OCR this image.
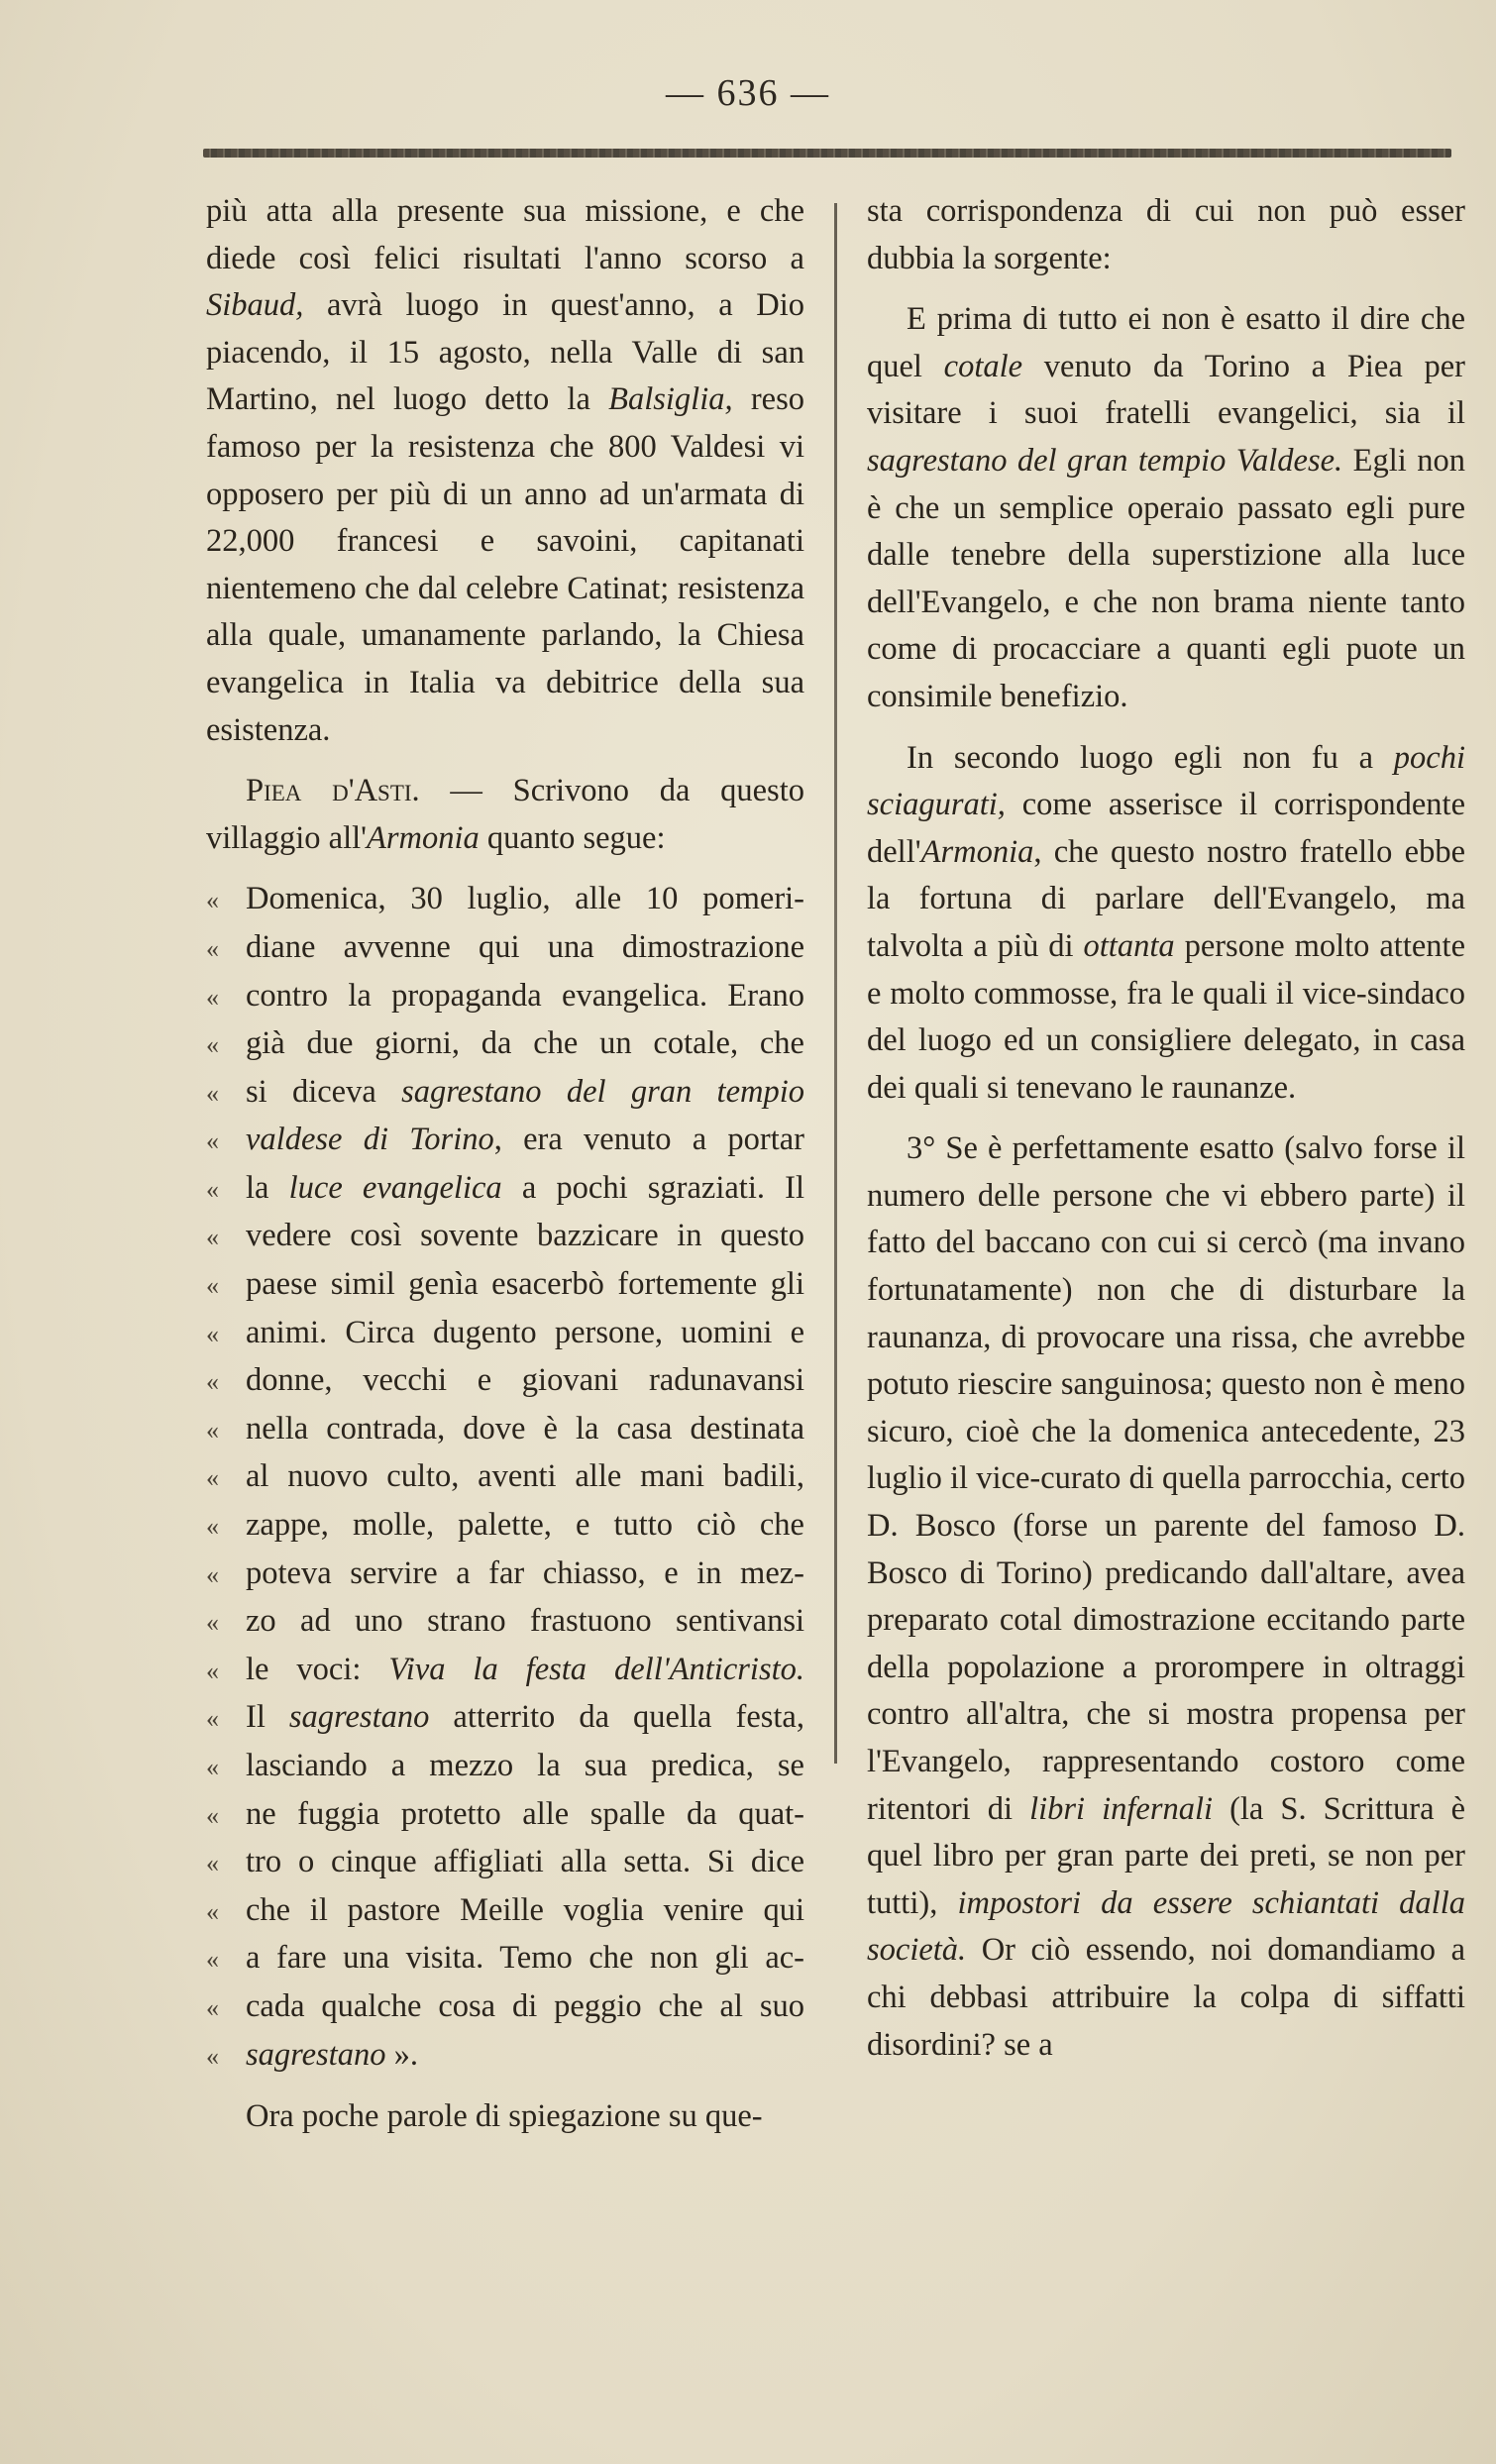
— 636 —

più atta alla presente sua missione, e che diede così felici risultati l'anno scorso a Sibaud, avrà luogo in quest'anno, a Dio piacendo, il 15 agosto, nella Valle di san Martino, nel luogo detto la Balsiglia, reso famoso per la resistenza che 800 Valdesi vi opposero per più di un anno ad un'armata di 22,000 francesi e savoini, capitanati nientemeno che dal celebre Catinat; resistenza alla quale, umanamente parlando, la Chiesa evangelica in Italia va debitrice della sua esistenza.

Piea d'Asti. — Scrivono da questo villaggio all'Armonia quanto segue:

« Domenica, 30 luglio, alle 10 pomeri-
« diane avvenne qui una dimostrazione
« contro la propaganda evangelica. Erano
« già due giorni, da che un cotale, che
« si diceva sagrestano del gran tempio
« valdese di Torino, era venuto a portar
« la luce evangelica a pochi sgraziati. Il
« vedere così sovente bazzicare in questo
« paese simil genìa esacerbò fortemente gli
« animi. Circa dugento persone, uomini e
« donne, vecchi e giovani radunavansi
« nella contrada, dove è la casa destinata
« al nuovo culto, aventi alle mani badili,
« zappe, molle, palette, e tutto ciò che
« poteva servire a far chiasso, e in mez-
« zo ad uno strano frastuono sentivansi
« le voci: Viva la festa dell'Anticristo.
« Il sagrestano atterrito da quella festa,
« lasciando a mezzo la sua predica, se
« ne fuggia protetto alle spalle da quat-
« tro o cinque affigliati alla setta. Si dice
« che il pastore Meille voglia venire qui
« a fare una visita. Temo che non gli ac-
« cada qualche cosa di peggio che al suo
« sagrestano ».

Ora poche parole di spiegazione su que-

sta corrispondenza di cui non può esser dubbia la sorgente:

E prima di tutto ei non è esatto il dire che quel cotale venuto da Torino a Piea per visitare i suoi fratelli evangelici, sia il sagrestano del gran tempio Valdese. Egli non è che un semplice operaio passato egli pure dalle tenebre della superstizione alla luce dell'Evangelo, e che non brama niente tanto come di procacciare a quanti egli puote un consimile benefizio.

In secondo luogo egli non fu a pochi sciagurati, come asserisce il corrispondente dell'Armonia, che questo nostro fratello ebbe la fortuna di parlare dell'Evangelo, ma talvolta a più di ottanta persone molto attente e molto commosse, fra le quali il vice-sindaco del luogo ed un consigliere delegato, in casa dei quali si tenevano le raunanze.

3° Se è perfettamente esatto (salvo forse il numero delle persone che vi ebbero parte) il fatto del baccano con cui si cercò (ma invano fortunatamente) non che di disturbare la raunanza, di provocare una rissa, che avrebbe potuto riescire sanguinosa; questo non è meno sicuro, cioè che la domenica antecedente, 23 luglio il vice-curato di quella parrocchia, certo D. Bosco (forse un parente del famoso D. Bosco di Torino) predicando dall'altare, avea preparato cotal dimostrazione eccitando parte della popolazione a prorompere in oltraggi contro all'altra, che si mostra propensa per l'Evangelo, rappresentando costoro come ritentori di libri infernali (la S. Scrittura è quel libro per gran parte dei preti, se non per tutti), impostori da essere schiantati dalla società. Or ciò essendo, noi domandiamo a chi debbasi attribuire la colpa di siffatti disordini? se a
